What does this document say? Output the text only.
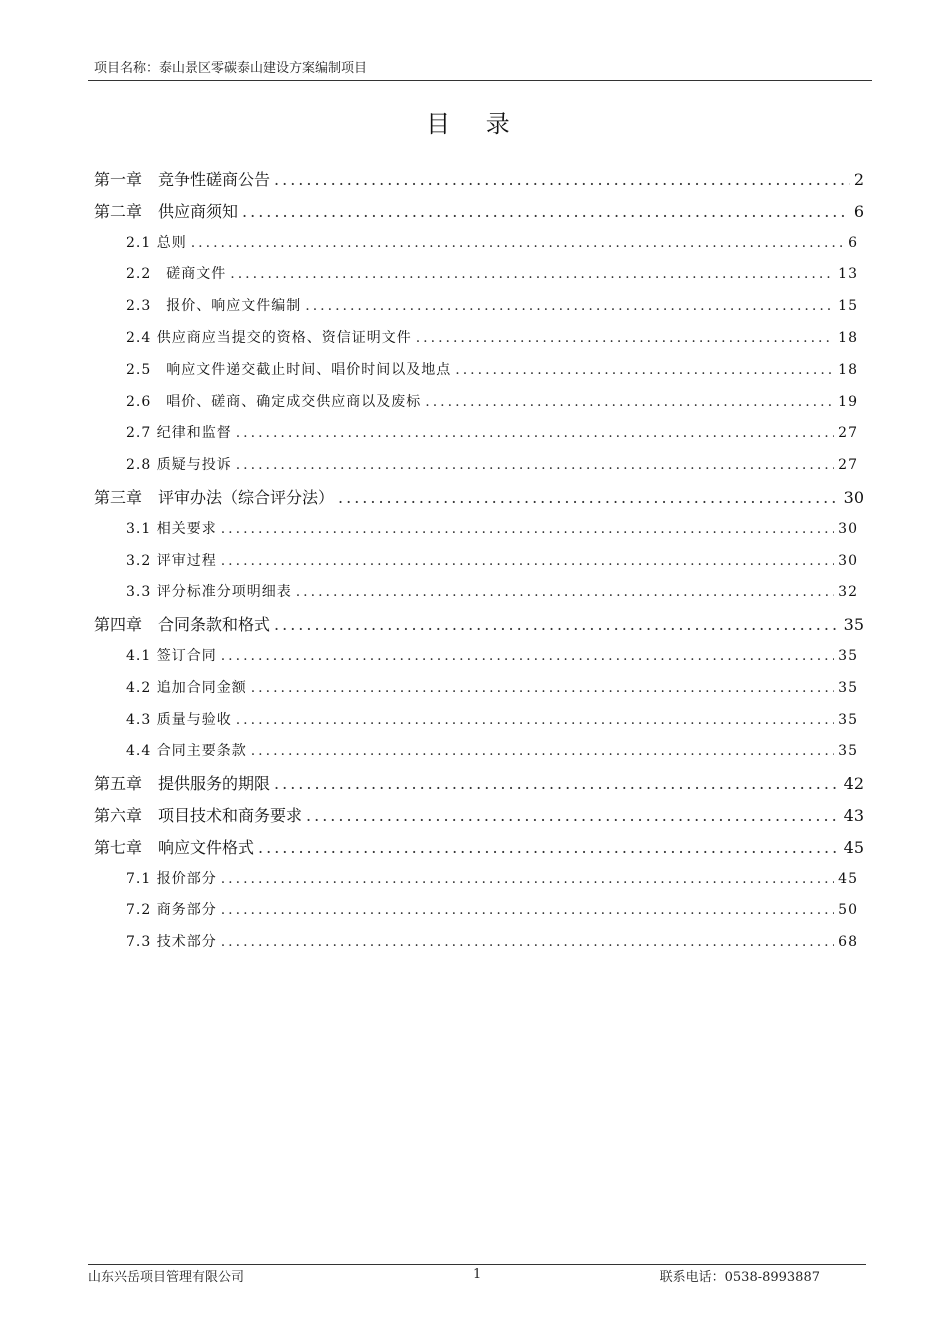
项目名称：泰山景区零碳泰山建设方案编制项目
目 录
第一章　竞争性磋商公告 .....	2
第二章　供应商须知 .....	6
2.1 总则 .....	6
2.2　磋商文件 .....	13
2.3　报价、响应文件编制 .....	15
2.4 供应商应当提交的资格、资信证明文件 .....	18
2.5　响应文件递交截止时间、唱价时间以及地点 .....	18
2.6　唱价、磋商、确定成交供应商以及废标 .....	19
2.7 纪律和监督 .....	27
2.8 质疑与投诉 .....	27
第三章　评审办法（综合评分法） .....	30
3.1 相关要求 .....	30
3.2 评审过程 .....	30
3.3 评分标准分项明细表 .....	32
第四章　合同条款和格式 .....	35
4.1 签订合同 .....	35
4.2 追加合同金额 .....	35
4.3 质量与验收 .....	35
4.4 合同主要条款 .....	35
第五章　提供服务的期限 .....	42
第六章　项目技术和商务要求 .....	43
第七章　响应文件格式 .....	45
7.1 报价部分 .....	45
7.2 商务部分 .....	50
7.3 技术部分 .....	68
山东兴岳项目管理有限公司	1	联系电话：0538-8993887
